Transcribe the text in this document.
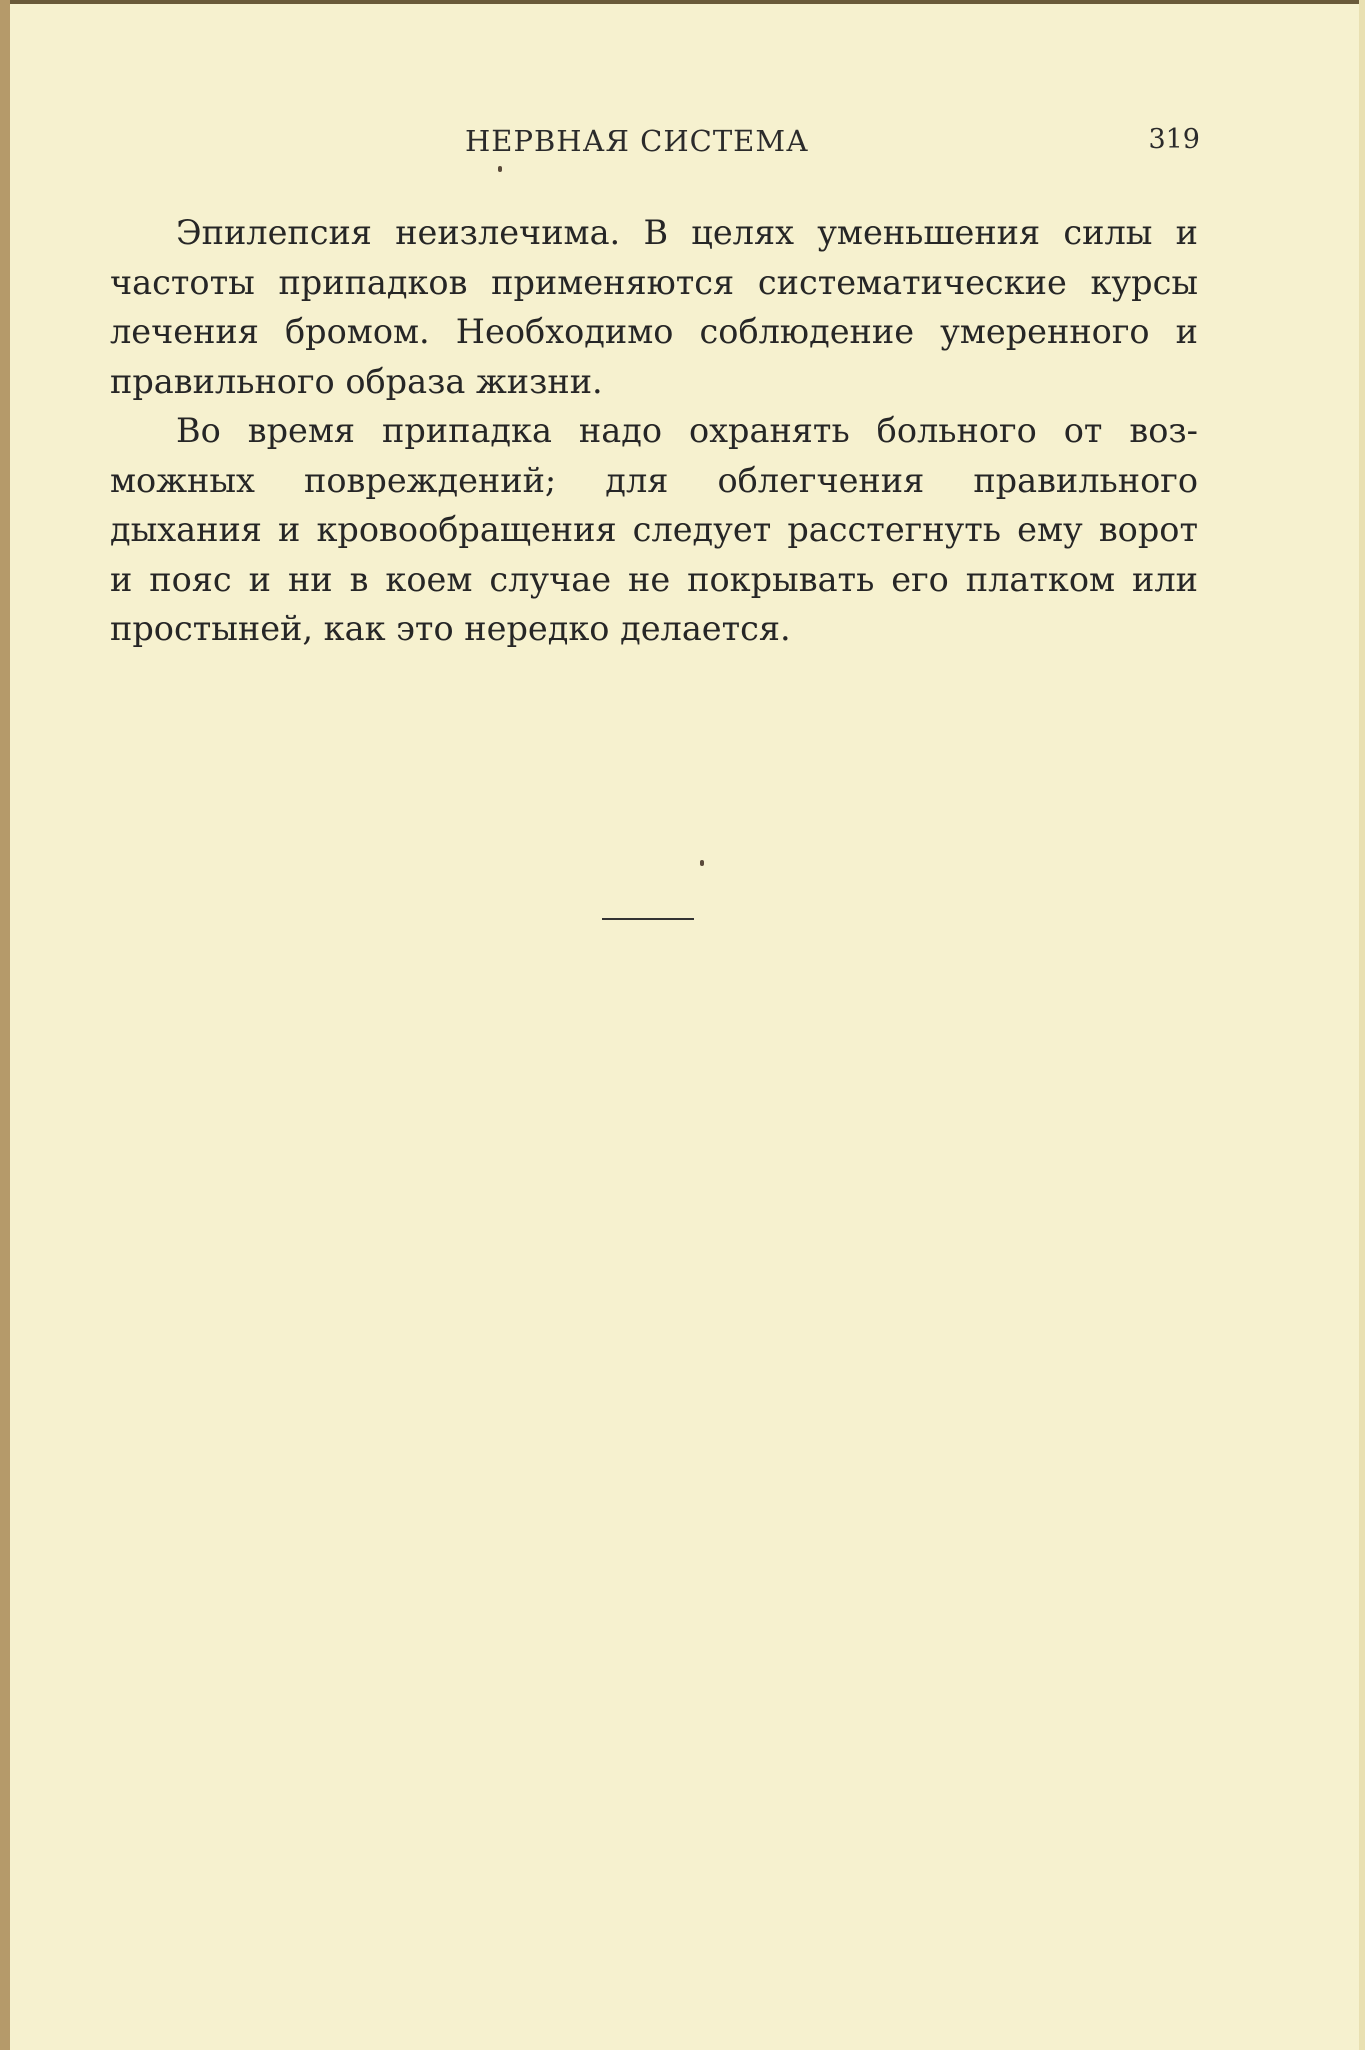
НЕРВНАЯ СИСТЕМА	319

Эпилепсия неизлечима. В целях уменьшения силы и частоты припадков применяются систематические курсы лечения бромом. Необходимо соблюдение умеренного и правильного образа жизни.

Во время припадка надо охранять больного от возможных повреждений; для облегчения правильного дыхания и кровообращения следует расстегнуть ему ворот и пояс и ни в коем случае не покрывать его платком или простыней, как это нередко делается.
